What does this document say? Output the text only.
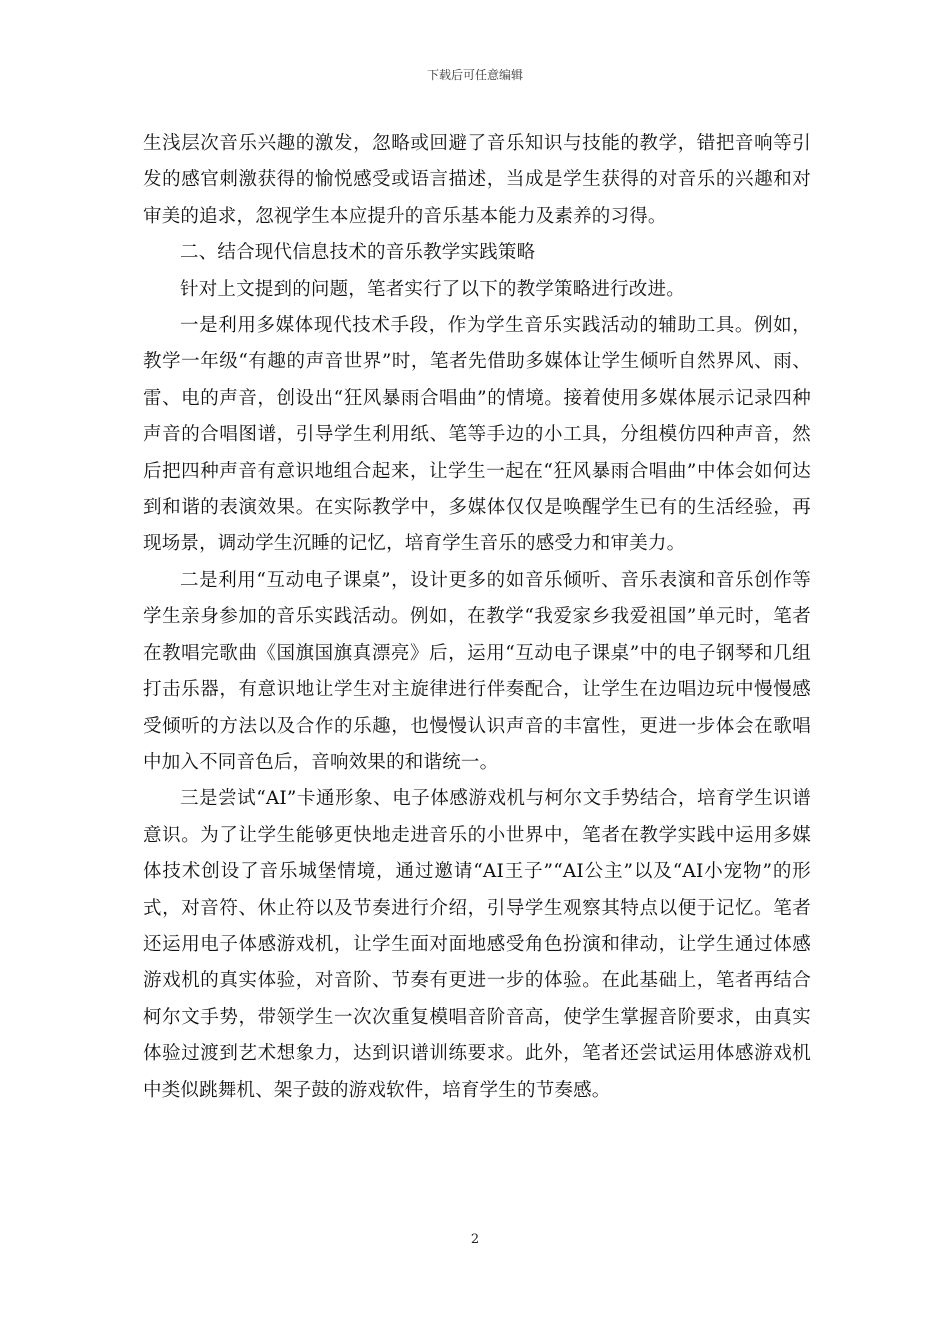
下载后可任意编辑

生浅层次音乐兴趣的激发，忽略或回避了音乐知识与技能的教学，错把音响等引发的感官刺激获得的愉悦感受或语言描述，当成是学生获得的对音乐的兴趣和对审美的追求，忽视学生本应提升的音乐基本能力及素养的习得。

二、结合现代信息技术的音乐教学实践策略

针对上文提到的问题，笔者实行了以下的教学策略进行改进。

一是利用多媒体现代技术手段，作为学生音乐实践活动的辅助工具。例如，教学一年级“有趣的声音世界”时，笔者先借助多媒体让学生倾听自然界风、雨、雷、电的声音，创设出“狂风暴雨合唱曲”的情境。接着使用多媒体展示记录四种声音的合唱图谱，引导学生利用纸、笔等手边的小工具，分组模仿四种声音，然后把四种声音有意识地组合起来，让学生一起在“狂风暴雨合唱曲”中体会如何达到和谐的表演效果。在实际教学中，多媒体仅仅是唤醒学生已有的生活经验，再现场景，调动学生沉睡的记忆，培育学生音乐的感受力和审美力。

二是利用“互动电子课桌”，设计更多的如音乐倾听、音乐表演和音乐创作等学生亲身参加的音乐实践活动。例如，在教学“我爱家乡我爱祖国”单元时，笔者在教唱完歌曲《国旗国旗真漂亮》后，运用“互动电子课桌”中的电子钢琴和几组打击乐器，有意识地让学生对主旋律进行伴奏配合，让学生在边唱边玩中慢慢感受倾听的方法以及合作的乐趣，也慢慢认识声音的丰富性，更进一步体会在歌唱中加入不同音色后，音响效果的和谐统一。

三是尝试“AI”卡通形象、电子体感游戏机与柯尔文手势结合，培育学生识谱意识。为了让学生能够更快地走进音乐的小世界中，笔者在教学实践中运用多媒体技术创设了音乐城堡情境，通过邀请“AI王子”“AI公主”以及“AI小宠物”的形式，对音符、休止符以及节奏进行介绍，引导学生观察其特点以便于记忆。笔者还运用电子体感游戏机，让学生面对面地感受角色扮演和律动，让学生通过体感游戏机的真实体验，对音阶、节奏有更进一步的体验。在此基础上，笔者再结合柯尔文手势，带领学生一次次重复模唱音阶音高，使学生掌握音阶要求，由真实体验过渡到艺术想象力，达到识谱训练要求。此外，笔者还尝试运用体感游戏机中类似跳舞机、架子鼓的游戏软件，培育学生的节奏感。

2
